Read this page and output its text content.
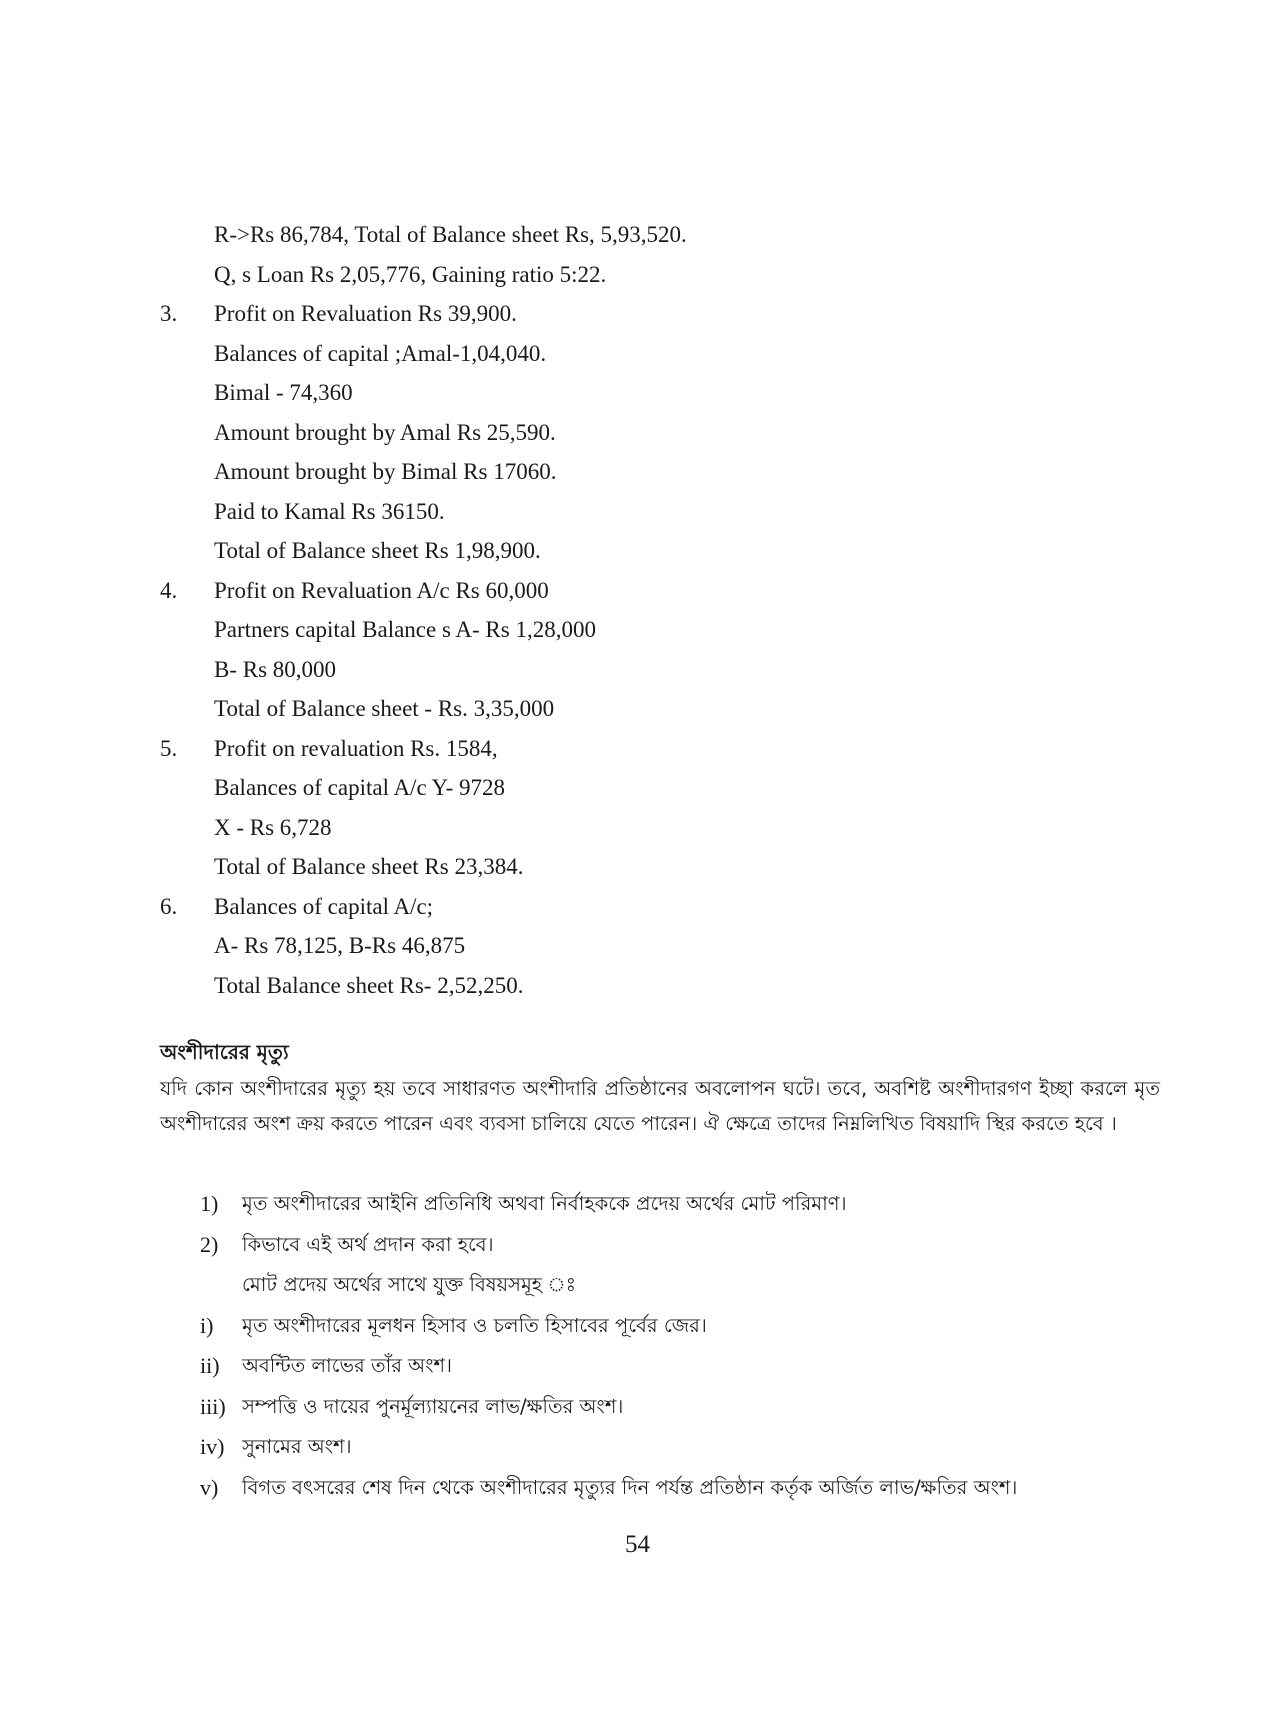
R->Rs 86,784, Total of Balance sheet Rs, 5,93,520.
Q, s Loan Rs 2,05,776, Gaining ratio 5:22.
3. Profit on Revaluation Rs 39,900.
Balances of capital ;Amal-1,04,040.
Bimal - 74,360
Amount brought by Amal Rs 25,590.
Amount brought by Bimal Rs 17060.
Paid to Kamal Rs 36150.
Total of Balance sheet Rs 1,98,900.
4. Profit on Revaluation A/c Rs 60,000
Partners capital Balance s A- Rs 1,28,000
B- Rs 80,000
Total of Balance sheet - Rs. 3,35,000
5. Profit on revaluation Rs. 1584,
Balances of capital A/c Y- 9728
X - Rs 6,728
Total of Balance sheet Rs 23,384.
6. Balances of capital A/c;
A- Rs 78,125, B-Rs 46,875
Total Balance sheet Rs- 2,52,250.
অংশীদারের মৃত্যু

যদি কোন অংশীদারের মৃত্যু হয় তবে সাধারণত অংশীদারি প্রতিষ্ঠানের অবলোপন ঘটে। তবে, অবশিষ্ট অংশীদারগণ ইচ্ছা করলে মৃত অংশীদারের অংশ ক্রয় করতে পারেন এবং ব্যবসা চালিয়ে যেতে পারেন। ঐ ক্ষেত্রে তাদের নিম্নলিখিত বিষয়াদি স্থির করতে হবে ।

1) মৃত অংশীদারের আইনি প্রতিনিধি অথবা নির্বাহককে প্রদেয় অর্থের মোট পরিমাণ।
2) কিভাবে এই অর্থ প্রদান করা হবে।
মোট প্রদেয় অর্থের সাথে যুক্ত বিষয়সমূহ ঃ
i) মৃত অংশীদারের মূলধন হিসাব ও চলতি হিসাবের পূর্বের জের।
ii) অবন্টিত লাভের তাঁর অংশ।
iii) সম্পত্তি ও দায়ের পুনর্মূল্যায়নের লাভ/ক্ষতির অংশ।
iv) সুনামের অংশ।
v) বিগত বৎসরের শেষ দিন থেকে অংশীদারের মৃত্যুর দিন পর্যন্ত প্রতিষ্ঠান কর্তৃক অর্জিত লাভ/ক্ষতির অংশ।
54
